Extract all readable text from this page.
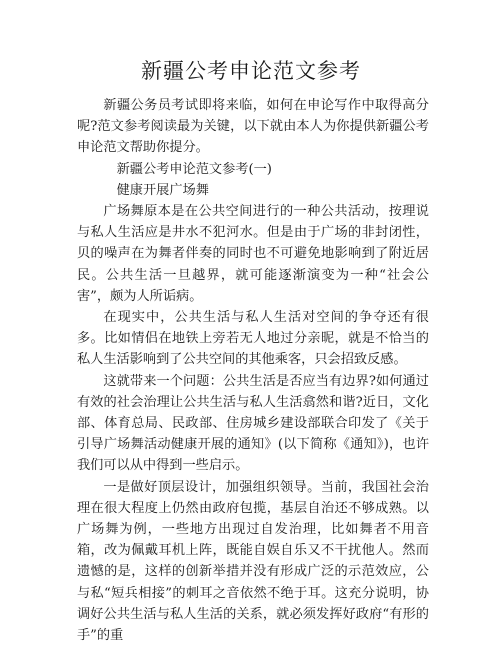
新疆公考申论范文参考

新疆公务员考试即将来临，如何在申论写作中取得高分呢?范文参考阅读最为关键，以下就由本人为你提供新疆公考申论范文帮助你提分。

新疆公考申论范文参考(一)

健康开展广场舞

广场舞原本是在公共空间进行的一种公共活动，按理说与私人生活应是井水不犯河水。但是由于广场的非封闭性，贝的噪声在为舞者伴奏的同时也不可避免地影响到了附近居民。公共生活一旦越界，就可能逐渐演变为一种“社会公害”，颇为人所诟病。

在现实中，公共生活与私人生活对空间的争夺还有很多。比如情侣在地铁上旁若无人地过分亲昵，就是不恰当的私人生活影响到了公共空间的其他乘客，只会招致反感。

这就带来一个问题：公共生活是否应当有边界?如何通过有效的社会治理让公共生活与私人生活翕然和谐?近日，文化部、体育总局、民政部、住房城乡建设部联合印发了《关于引导广场舞活动健康开展的通知》(以下简称《通知》)，也许我们可以从中得到一些启示。

一是做好顶层设计，加强组织领导。当前，我国社会治理在很大程度上仍然由政府包揽，基层自治还不够成熟。以广场舞为例，一些地方出现过自发治理，比如舞者不用音箱，改为佩戴耳机上阵，既能自娱自乐又不干扰他人。然而遗憾的是，这样的创新举措并没有形成广泛的示范效应，公与私“短兵相接”的刺耳之音依然不绝于耳。这充分说明，协调好公共生活与私人生活的关系，就必须发挥好政府“有形的手”的重
